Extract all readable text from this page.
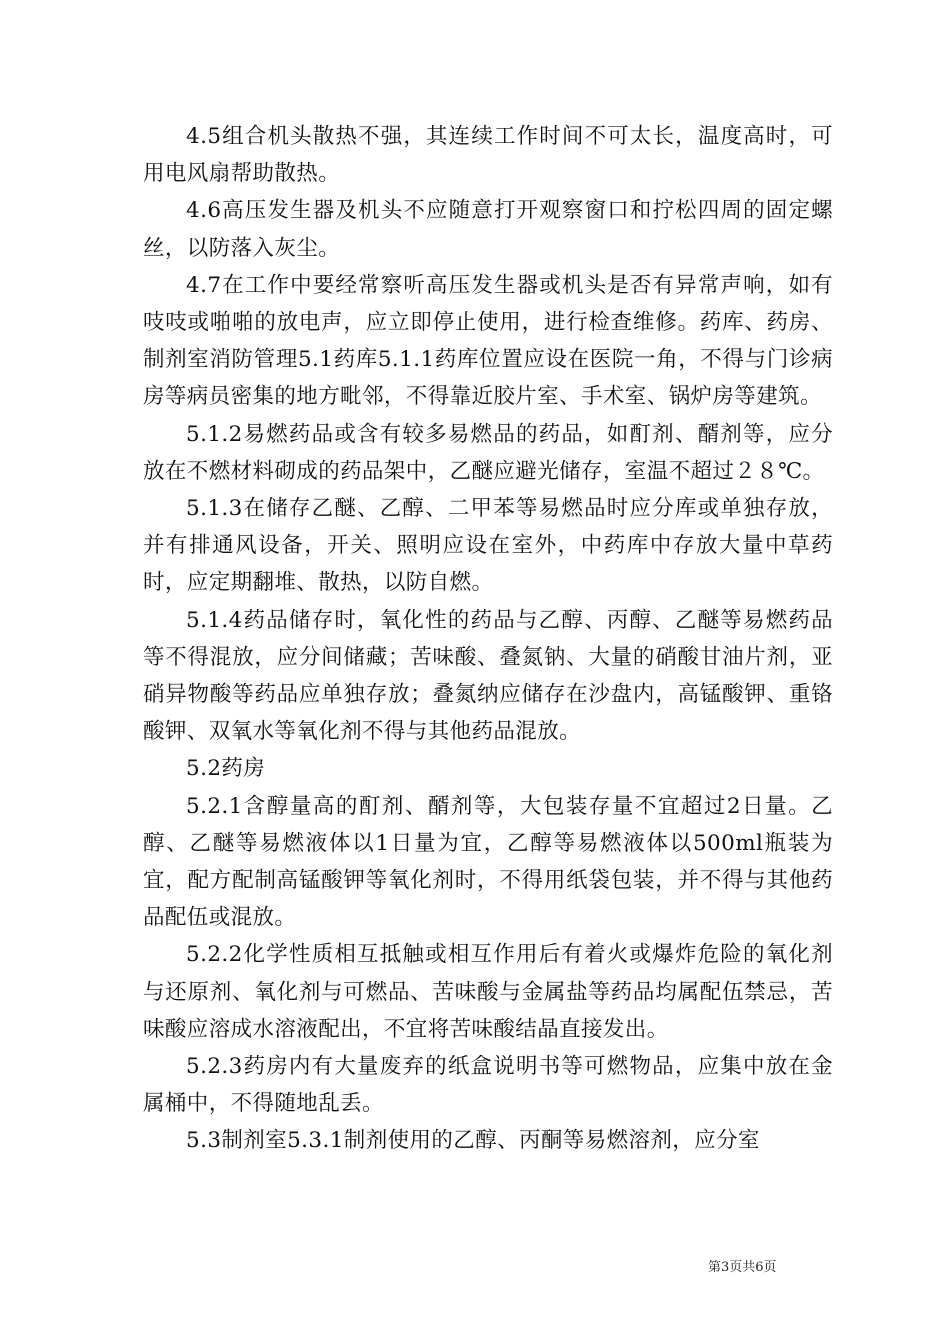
4.5组合机头散热不强，其连续工作时间不可太长，温度高时，可用电风扇帮助散热。

4.6高压发生器及机头不应随意打开观察窗口和拧松四周的固定螺丝，以防落入灰尘。

4.7在工作中要经常察听高压发生器或机头是否有异常声响，如有吱吱或啪啪的放电声，应立即停止使用，进行检查维修。药库、药房、制剂室消防管理5.1药库5.1.1药库位置应设在医院一角，不得与门诊病房等病员密集的地方毗邻，不得靠近胶片室、手术室、锅炉房等建筑。

5.1.2易燃药品或含有较多易燃品的药品，如酊剂、醑剂等，应分放在不燃材料砌成的药品架中，乙醚应避光储存，室温不超过２８℃。

5.1.3在储存乙醚、乙醇、二甲苯等易燃品时应分库或单独存放，并有排通风设备，开关、照明应设在室外，中药库中存放大量中草药时，应定期翻堆、散热，以防自燃。

5.1.4药品储存时，氧化性的药品与乙醇、丙醇、乙醚等易燃药品等不得混放，应分间储藏；苦味酸、叠氮钠、大量的硝酸甘油片剂，亚硝异物酸等药品应单独存放；叠氮纳应储存在沙盘内，高锰酸钾、重铬酸钾、双氧水等氧化剂不得与其他药品混放。

5.2药房

5.2.1含醇量高的酊剂、醑剂等，大包装存量不宜超过2日量。乙醇、乙醚等易燃液体以1日量为宜，乙醇等易燃液体以500ml瓶装为宜，配方配制高锰酸钾等氧化剂时，不得用纸袋包装，并不得与其他药品配伍或混放。

5.2.2化学性质相互抵触或相互作用后有着火或爆炸危险的氧化剂与还原剂、氧化剂与可燃品、苦味酸与金属盐等药品均属配伍禁忌，苦味酸应溶成水溶液配出，不宜将苦味酸结晶直接发出。

5.2.3药房内有大量废弃的纸盒说明书等可燃物品，应集中放在金属桶中，不得随地乱丢。

5.3制剂室5.3.1制剂使用的乙醇、丙酮等易燃溶剂，应分室

第3页共6页
